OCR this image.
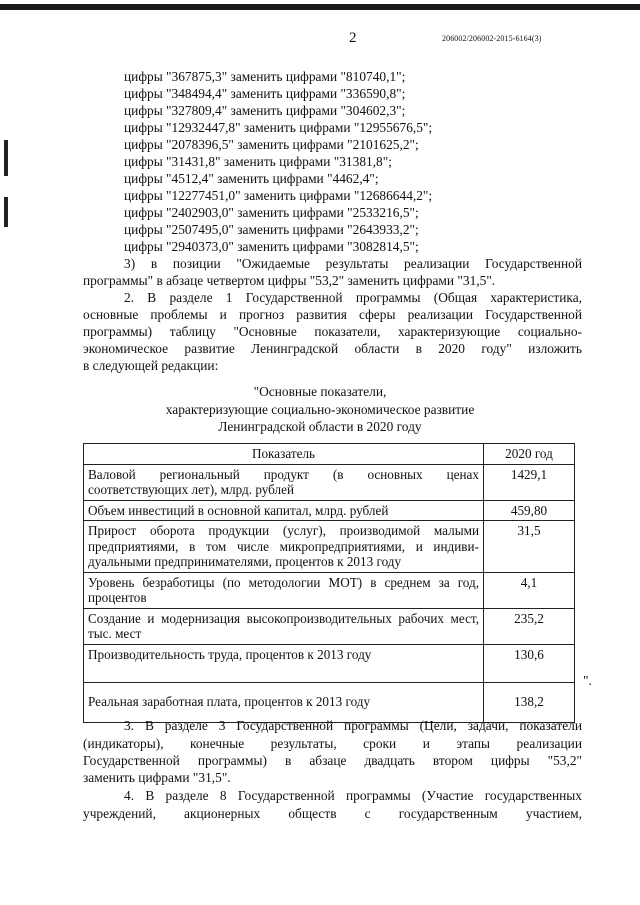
2	206002/206002-2015-6164(3)
цифры "367875,3" заменить цифрами "810740,1";
цифры "348494,4" заменить цифрами "336590,8";
цифры "327809,4" заменить цифрами "304602,3";
цифры "12932447,8" заменить цифрами "12955676,5";
цифры "2078396,5" заменить цифрами "2101625,2";
цифры "31431,8" заменить цифрами "31381,8";
цифры "4512,4" заменить цифрами "4462,4";
цифры "12277451,0" заменить цифрами "12686644,2";
цифры "2402903,0" заменить цифрами "2533216,5";
цифры "2507495,0" заменить цифрами "2643933,2";
цифры "2940373,0" заменить цифрами "3082814,5";
3) в позиции "Ожидаемые результаты реализации Государственной
программы" в абзаце четвертом цифры "53,2" заменить цифрами "31,5".
2. В разделе 1 Государственной программы (Общая характеристика,
основные проблемы и прогноз развития сферы реализации Государственной
программы) таблицу "Основные показатели, характеризующие социально-
экономическое развитие Ленинградской области в 2020 году" изложить
в следующей редакции:
"Основные показатели,
характеризующие социально-экономическое развитие
Ленинградской области в 2020 году
Показатель	2020 год
Валовой региональный продукт (в основных ценах соответствующих лет), млрд. рублей	1429,1
Объем инвестиций в основной капитал, млрд. рублей	459,80
Прирост оборота продукции (услуг), производимой малыми предприятиями, в том числе микропредприятиями, и индиви-дуальными предпринимателями, процентов к 2013 году	31,5
Уровень безработицы (по методологии МОТ) в среднем за год, процентов	4,1
Создание и модернизация высокопроизводительных рабочих мест, тыс. мест	235,2
Производительность труда, процентов к 2013 году	130,6
Реальная заработная плата, процентов к 2013 году	138,2
".
3. В разделе 3 Государственной программы (Цели, задачи, показатели
(индикаторы), конечные результаты, сроки и этапы реализации
Государственной программы) в абзаце двадцать втором цифры "53,2"
заменить цифрами "31,5".
4. В разделе 8 Государственной программы (Участие государственных
учреждений, акционерных обществ с государственным участием,
